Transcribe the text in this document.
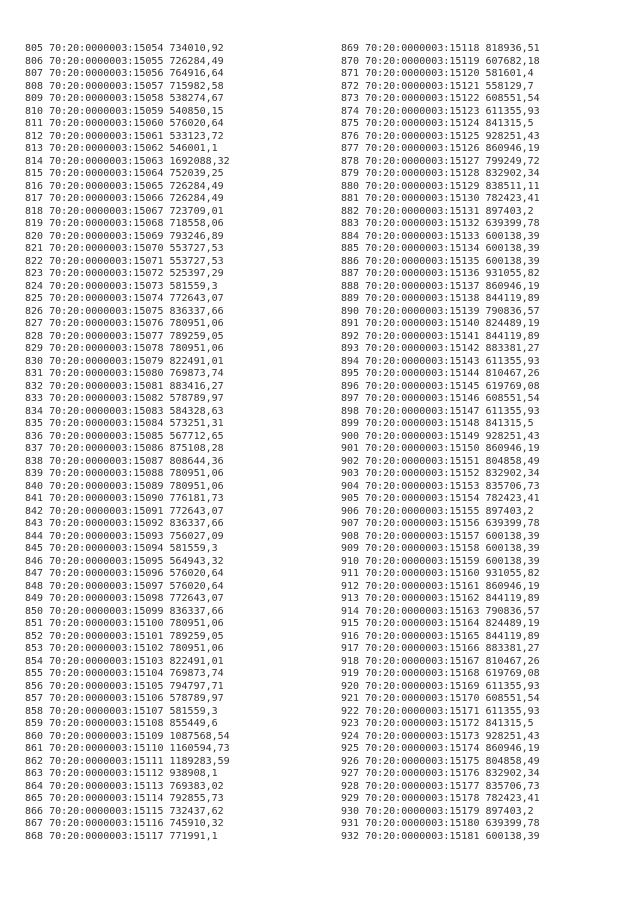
805 70:20:0000003:15054 734010,92
806 70:20:0000003:15055 726284,49
807 70:20:0000003:15056 764916,64
808 70:20:0000003:15057 715982,58
809 70:20:0000003:15058 538274,67
810 70:20:0000003:15059 540850,15
811 70:20:0000003:15060 576020,64
812 70:20:0000003:15061 533123,72
813 70:20:0000003:15062 546001,1
814 70:20:0000003:15063 1692088,32
815 70:20:0000003:15064 752039,25
816 70:20:0000003:15065 726284,49
817 70:20:0000003:15066 726284,49
818 70:20:0000003:15067 723709,01
819 70:20:0000003:15068 718558,06
820 70:20:0000003:15069 793246,89
821 70:20:0000003:15070 553727,53
822 70:20:0000003:15071 553727,53
823 70:20:0000003:15072 525397,29
824 70:20:0000003:15073 581559,3
825 70:20:0000003:15074 772643,07
826 70:20:0000003:15075 836337,66
827 70:20:0000003:15076 780951,06
828 70:20:0000003:15077 789259,05
829 70:20:0000003:15078 780951,06
830 70:20:0000003:15079 822491,01
831 70:20:0000003:15080 769873,74
832 70:20:0000003:15081 883416,27
833 70:20:0000003:15082 578789,97
834 70:20:0000003:15083 584328,63
835 70:20:0000003:15084 573251,31
836 70:20:0000003:15085 567712,65
837 70:20:0000003:15086 875108,28
838 70:20:0000003:15087 808644,36
839 70:20:0000003:15088 780951,06
840 70:20:0000003:15089 780951,06
841 70:20:0000003:15090 776181,73
842 70:20:0000003:15091 772643,07
843 70:20:0000003:15092 836337,66
844 70:20:0000003:15093 756027,09
845 70:20:0000003:15094 581559,3
846 70:20:0000003:15095 564943,32
847 70:20:0000003:15096 576020,64
848 70:20:0000003:15097 576020,64
849 70:20:0000003:15098 772643,07
850 70:20:0000003:15099 836337,66
851 70:20:0000003:15100 780951,06
852 70:20:0000003:15101 789259,05
853 70:20:0000003:15102 780951,06
854 70:20:0000003:15103 822491,01
855 70:20:0000003:15104 769873,74
856 70:20:0000003:15105 794797,71
857 70:20:0000003:15106 578789,97
858 70:20:0000003:15107 581559,3
859 70:20:0000003:15108 855449,6
860 70:20:0000003:15109 1087568,54
861 70:20:0000003:15110 1160594,73
862 70:20:0000003:15111 1189283,59
863 70:20:0000003:15112 938908,1
864 70:20:0000003:15113 769383,02
865 70:20:0000003:15114 792855,73
866 70:20:0000003:15115 732437,62
867 70:20:0000003:15116 745910,32
868 70:20:0000003:15117 771991,1
869 70:20:0000003:15118 818936,51
870 70:20:0000003:15119 607682,18
871 70:20:0000003:15120 581601,4
872 70:20:0000003:15121 558129,7
873 70:20:0000003:15122 608551,54
874 70:20:0000003:15123 611355,93
875 70:20:0000003:15124 841315,5
876 70:20:0000003:15125 928251,43
877 70:20:0000003:15126 860946,19
878 70:20:0000003:15127 799249,72
879 70:20:0000003:15128 832902,34
880 70:20:0000003:15129 838511,11
881 70:20:0000003:15130 782423,41
882 70:20:0000003:15131 897403,2
883 70:20:0000003:15132 639399,78
884 70:20:0000003:15133 600138,39
885 70:20:0000003:15134 600138,39
886 70:20:0000003:15135 600138,39
887 70:20:0000003:15136 931055,82
888 70:20:0000003:15137 860946,19
889 70:20:0000003:15138 844119,89
890 70:20:0000003:15139 790836,57
891 70:20:0000003:15140 824489,19
892 70:20:0000003:15141 844119,89
893 70:20:0000003:15142 883381,27
894 70:20:0000003:15143 611355,93
895 70:20:0000003:15144 810467,26
896 70:20:0000003:15145 619769,08
897 70:20:0000003:15146 608551,54
898 70:20:0000003:15147 611355,93
899 70:20:0000003:15148 841315,5
900 70:20:0000003:15149 928251,43
901 70:20:0000003:15150 860946,19
902 70:20:0000003:15151 804858,49
903 70:20:0000003:15152 832902,34
904 70:20:0000003:15153 835706,73
905 70:20:0000003:15154 782423,41
906 70:20:0000003:15155 897403,2
907 70:20:0000003:15156 639399,78
908 70:20:0000003:15157 600138,39
909 70:20:0000003:15158 600138,39
910 70:20:0000003:15159 600138,39
911 70:20:0000003:15160 931055,82
912 70:20:0000003:15161 860946,19
913 70:20:0000003:15162 844119,89
914 70:20:0000003:15163 790836,57
915 70:20:0000003:15164 824489,19
916 70:20:0000003:15165 844119,89
917 70:20:0000003:15166 883381,27
918 70:20:0000003:15167 810467,26
919 70:20:0000003:15168 619769,08
920 70:20:0000003:15169 611355,93
921 70:20:0000003:15170 608551,54
922 70:20:0000003:15171 611355,93
923 70:20:0000003:15172 841315,5
924 70:20:0000003:15173 928251,43
925 70:20:0000003:15174 860946,19
926 70:20:0000003:15175 804858,49
927 70:20:0000003:15176 832902,34
928 70:20:0000003:15177 835706,73
929 70:20:0000003:15178 782423,41
930 70:20:0000003:15179 897403,2
931 70:20:0000003:15180 639399,78
932 70:20:0000003:15181 600138,39
